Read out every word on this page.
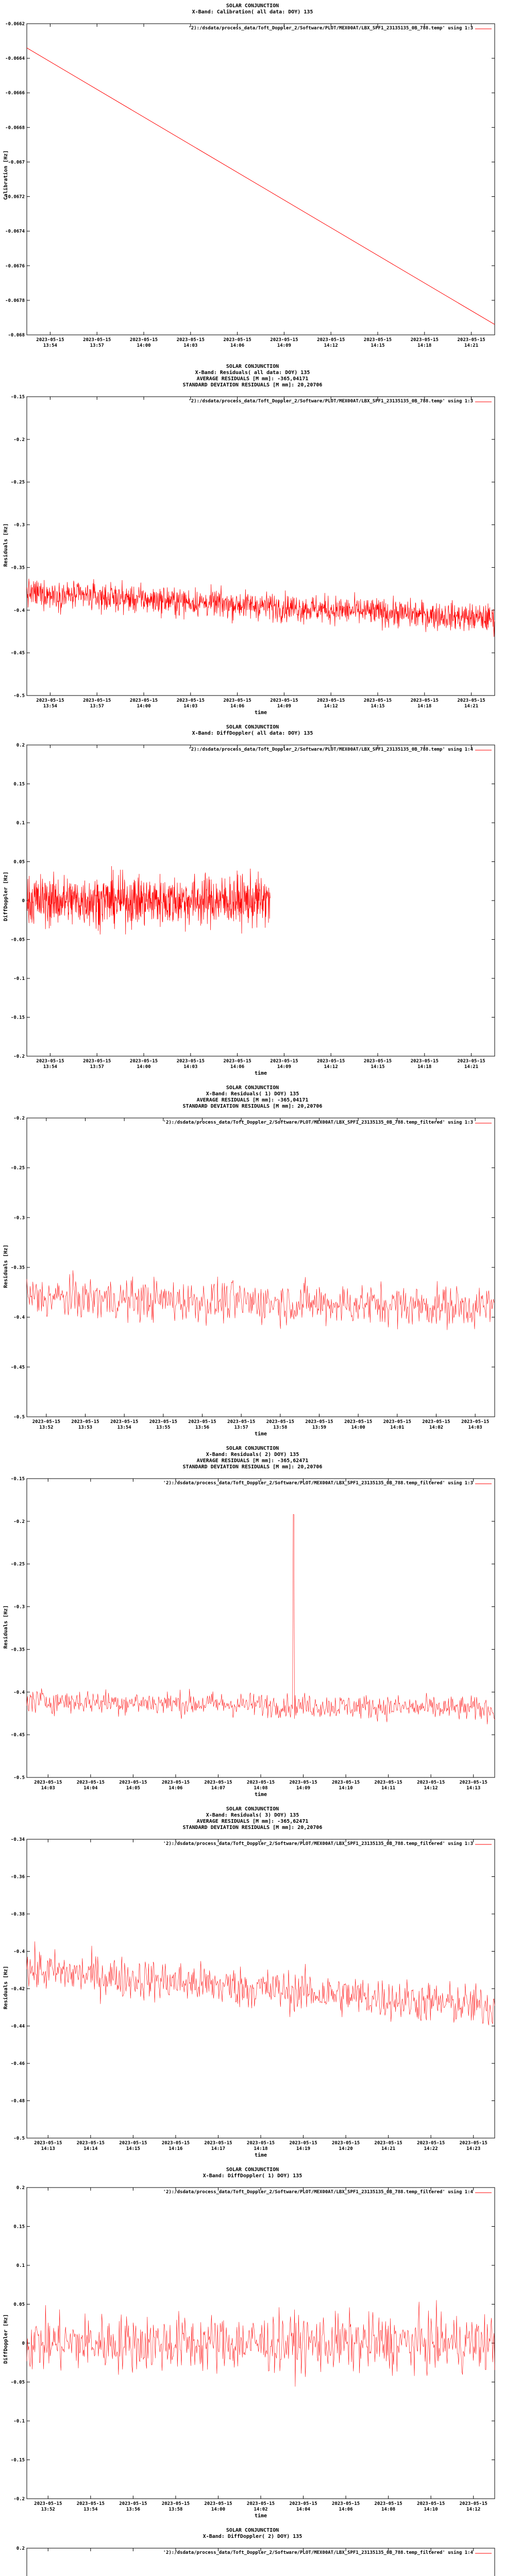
SOLAR CONJUNCTION
X-Band: Calibration( all data: DOY) 135
-0.0662
-0.0664
-0.0666
-0.0668
-0.067
-0.0672
-0.0674
-0.0676
-0.0678
-0.068
2023-05-15
13:54
2023-05-15
13:57
2023-05-15
14:00
2023-05-15
14:03
2023-05-15
14:06
2023-05-15
14:09
2023-05-15
14:12
2023-05-15
14:15
2023-05-15
14:18
2023-05-15
14:21
'2):/dsdata/process_data/Toft_Doppler_2/Software/PLOT/MEX00AT/LBX_SPF1_23135135_0B_788.temp' using 1:3
Calibration [Hz]
SOLAR CONJUNCTION
X-Band: Residuals( all data: DOY) 135
AVERAGE RESIDUALS [M mm]: -365,04171
STANDARD DEVIATION RESIDUALS [M mm]: 20,20706
-0.15
-0.2
-0.25
-0.3
-0.35
-0.4
-0.45
-0.5
2023-05-15
13:54
2023-05-15
13:57
2023-05-15
14:00
2023-05-15
14:03
2023-05-15
14:06
2023-05-15
14:09
2023-05-15
14:12
2023-05-15
14:15
2023-05-15
14:18
2023-05-15
14:21
'2):/dsdata/process_data/Toft_Doppler_2/Software/PLOT/MEX00AT/LBX_SPF1_23135135_0B_788.temp' using 1:3
Residuals [Hz]
time
SOLAR CONJUNCTION
X-Band: DiffDoppler( all data: DOY) 135
0.2
0.15
0.1
0.05
0
-0.05
-0.1
-0.15
-0.2
2023-05-15
13:54
2023-05-15
13:57
2023-05-15
14:00
2023-05-15
14:03
2023-05-15
14:06
2023-05-15
14:09
2023-05-15
14:12
2023-05-15
14:15
2023-05-15
14:18
2023-05-15
14:21
'2):/dsdata/process_data/Toft_Doppler_2/Software/PLOT/MEX00AT/LBX_SPF1_23135135_0B_788.temp' using 1:4
DiffDoppler [Hz]
time
SOLAR CONJUNCTION
X-Band: Residuals( 1) DOY) 135
AVERAGE RESIDUALS [M mm]: -365,04171
STANDARD DEVIATION RESIDUALS [M mm]: 20,20706
-0.2
-0.25
-0.3
-0.35
-0.4
-0.45
-0.5
2023-05-15
13:52
2023-05-15
13:53
2023-05-15
13:54
2023-05-15
13:55
2023-05-15
13:56
2023-05-15
13:57
2023-05-15
13:58
2023-05-15
13:59
2023-05-15
14:00
2023-05-15
14:01
2023-05-15
14:02
2023-05-15
14:03
'2):/dsdata/process_data/Toft_Doppler_2/Software/PLOT/MEX00AT/LBX_SPF1_23135135_0B_788.temp_filtered' using 1:3
Residuals [Hz]
time
SOLAR CONJUNCTION
X-Band: Residuals( 2) DOY) 135
AVERAGE RESIDUALS [M mm]: -365,62471
STANDARD DEVIATION RESIDUALS [M mm]: 20,20706
-0.15
-0.2
-0.25
-0.3
-0.35
-0.4
-0.45
-0.5
2023-05-15
14:03
2023-05-15
14:04
2023-05-15
14:05
2023-05-15
14:06
2023-05-15
14:07
2023-05-15
14:08
2023-05-15
14:09
2023-05-15
14:10
2023-05-15
14:11
2023-05-15
14:12
2023-05-15
14:13
'2):/dsdata/process_data/Toft_Doppler_2/Software/PLOT/MEX00AT/LBX_SPF1_23135135_0B_788.temp_filtered' using 1:3
Residuals [Hz]
time
SOLAR CONJUNCTION
X-Band: Residuals( 3) DOY) 135
AVERAGE RESIDUALS [M mm]: -365,62471
STANDARD DEVIATION RESIDUALS [M mm]: 20,20706
-0.34
-0.36
-0.38
-0.4
-0.42
-0.44
-0.46
-0.48
-0.5
2023-05-15
14:13
2023-05-15
14:14
2023-05-15
14:15
2023-05-15
14:16
2023-05-15
14:17
2023-05-15
14:18
2023-05-15
14:19
2023-05-15
14:20
2023-05-15
14:21
2023-05-15
14:22
2023-05-15
14:23
'2):/dsdata/process_data/Toft_Doppler_2/Software/PLOT/MEX00AT/LBX_SPF1_23135135_0B_788.temp_filtered' using 1:3
Residuals [Hz]
time
SOLAR CONJUNCTION
X-Band: DiffDoppler( 1) DOY) 135
0.2
0.15
0.1
0.05
0
-0.05
-0.1
-0.15
-0.2
2023-05-15
13:52
2023-05-15
13:54
2023-05-15
13:56
2023-05-15
13:58
2023-05-15
14:00
2023-05-15
14:02
2023-05-15
14:04
2023-05-15
14:06
2023-05-15
14:08
2023-05-15
14:10
2023-05-15
14:12
'2):/dsdata/process_data/Toft_Doppler_2/Software/PLOT/MEX00AT/LBX_SPF1_23135135_0B_788.temp_filtered' using 1:4
DiffDoppler [Hz]
time
SOLAR CONJUNCTION
X-Band: DiffDoppler( 2) DOY) 135
0.2
'2):/dsdata/process_data/Toft_Doppler_2/Software/PLOT/MEX00AT/LBX_SPF1_23135135_0B_788.temp_filtered' using 1:4
